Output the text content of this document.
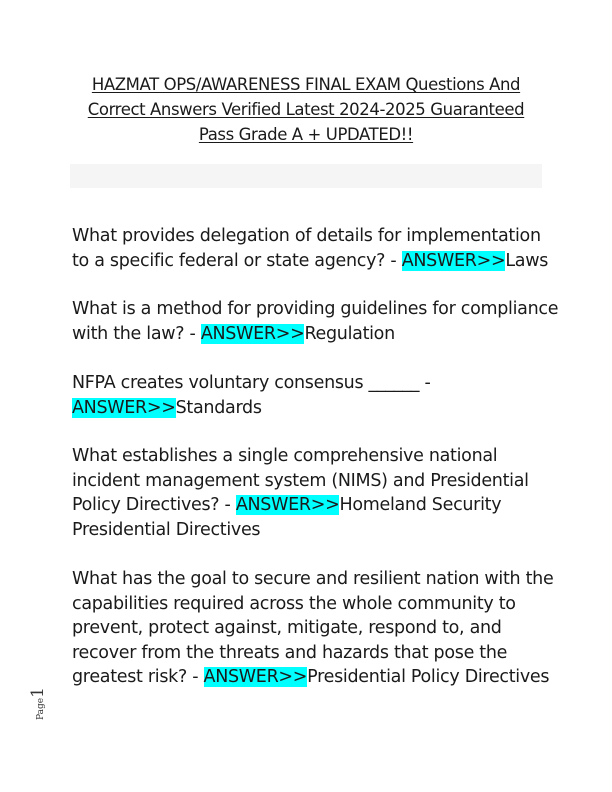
HAZMAT OPS/AWARENESS FINAL EXAM Questions And
Correct Answers Verified Latest 2024-2025 Guaranteed
Pass Grade A + UPDATED!!
What provides delegation of details for implementation
to a specific federal or state agency? - ANSWER>>Laws
What is a method for providing guidelines for compliance
with the law? - ANSWER>>Regulation
NFPA creates voluntary consensus ______ -
ANSWER>>Standards
What establishes a single comprehensive national
incident management system (NIMS) and Presidential
Policy Directives? - ANSWER>>Homeland Security
Presidential Directives
What has the goal to secure and resilient nation with the
capabilities required across the whole community to
prevent, protect against, mitigate, respond to, and
recover from the threats and hazards that pose the
greatest risk? - ANSWER>>Presidential Policy Directives
Page1
